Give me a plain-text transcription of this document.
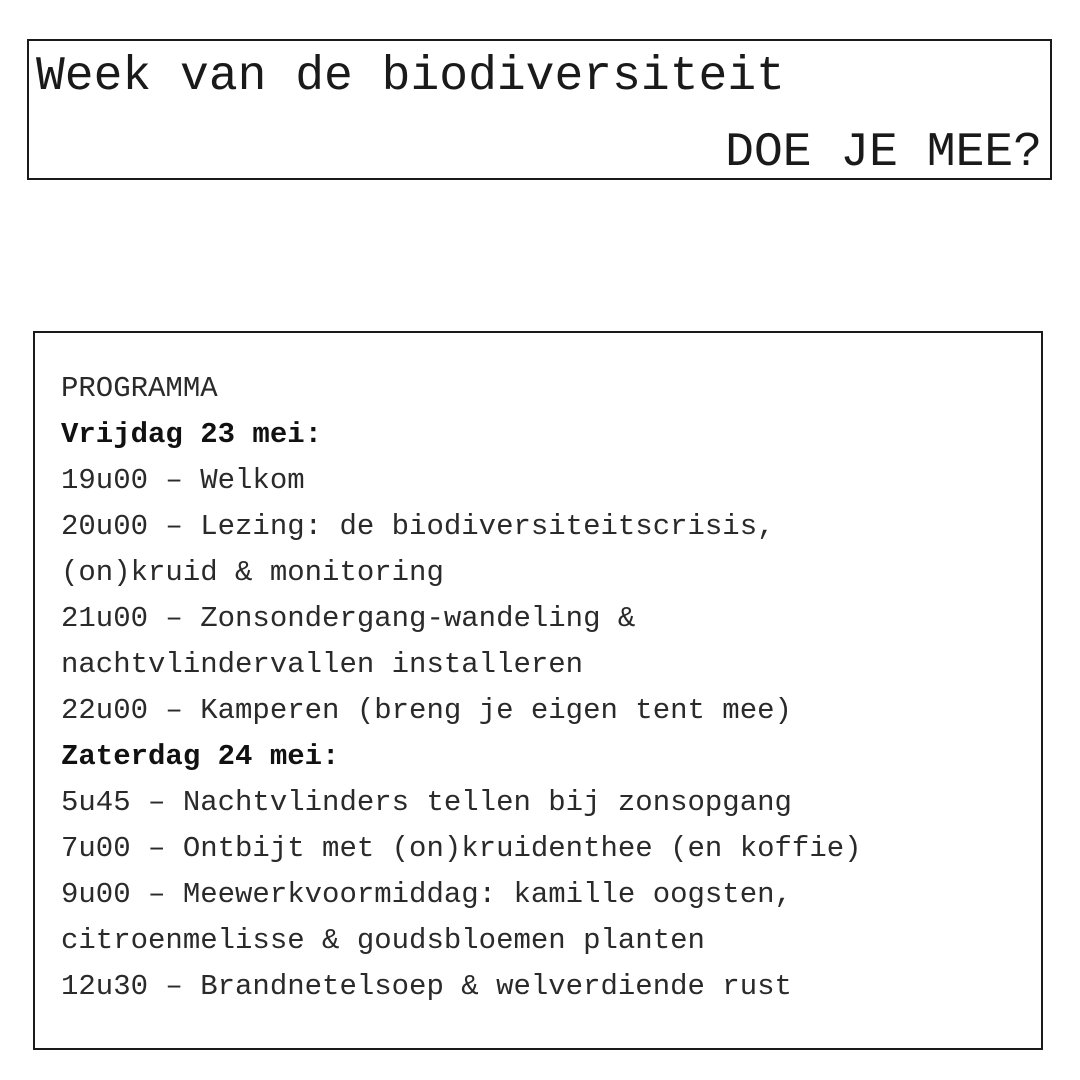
Week van de biodiversiteit
DOE JE MEE?
PROGRAMMA
Vrijdag 23 mei:
19u00 – Welkom
20u00 – Lezing: de biodiversiteitscrisis,
(on)kruid & monitoring
21u00 – Zonsondergang-wandeling &
nachtvlindervallen installeren
22u00 – Kamperen (breng je eigen tent mee)
Zaterdag 24 mei:
5u45 – Nachtvlinders tellen bij zonsopgang
7u00 – Ontbijt met (on)kruidenthee (en koffie)
9u00 – Meewerkvoormiddag: kamille oogsten,
citroenmelisse & goudsbloemen planten
12u30 – Brandnetelsoep & welverdiende rust
